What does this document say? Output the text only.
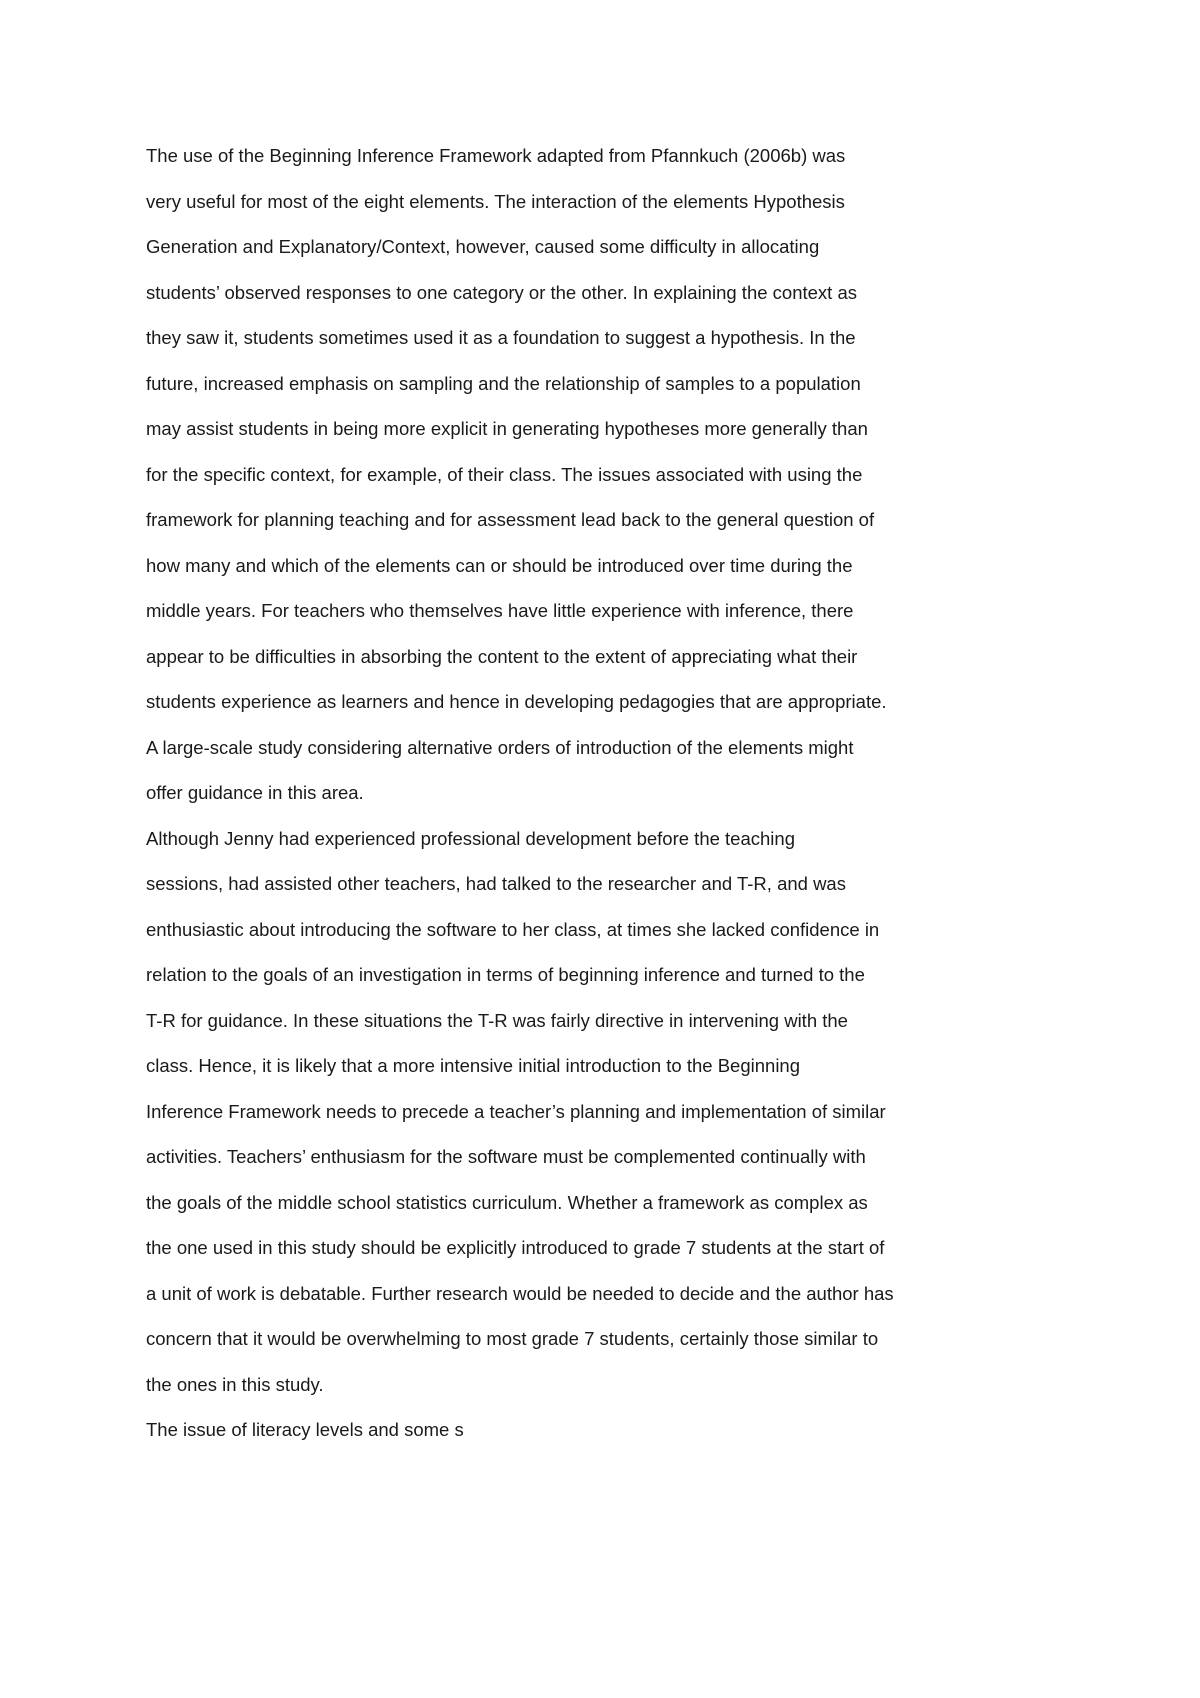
The use of the Beginning Inference Framework adapted from Pfannkuch (2006b) was
very useful for most of the eight elements. The interaction of the elements Hypothesis
Generation and Explanatory/Context, however, caused some difficulty in allocating
students’ observed responses to one category or the other. In explaining the context as
they saw it, students sometimes used it as a foundation to suggest a hypothesis. In the
future, increased emphasis on sampling and the relationship of samples to a population
may assist students in being more explicit in generating hypotheses more generally than
for the specific context, for example, of their class. The issues associated with using the
framework for planning teaching and for assessment lead back to the general question of
how many and which of the elements can or should be introduced over time during the
middle years. For teachers who themselves have little experience with inference, there
appear to be difficulties in absorbing the content to the extent of appreciating what their
students experience as learners and hence in developing pedagogies that are appropriate.
A large-scale study considering alternative orders of introduction of the elements might
offer guidance in this area.
Although Jenny had experienced professional development before the teaching
sessions, had assisted other teachers, had talked to the researcher and T-R, and was
enthusiastic about introducing the software to her class, at times she lacked confidence in
relation to the goals of an investigation in terms of beginning inference and turned to the
T-R for guidance. In these situations the T-R was fairly directive in intervening with the
class. Hence, it is likely that a more intensive initial introduction to the Beginning
Inference Framework needs to precede a teacher’s planning and implementation of similar
activities. Teachers’ enthusiasm for the software must be complemented continually with
the goals of the middle school statistics curriculum. Whether a framework as complex as
the one used in this study should be explicitly introduced to grade 7 students at the start of
a unit of work is debatable. Further research would be needed to decide and the author has
concern that it would be overwhelming to most grade 7 students, certainly those similar to
the ones in this study.
The issue of literacy levels and some s
